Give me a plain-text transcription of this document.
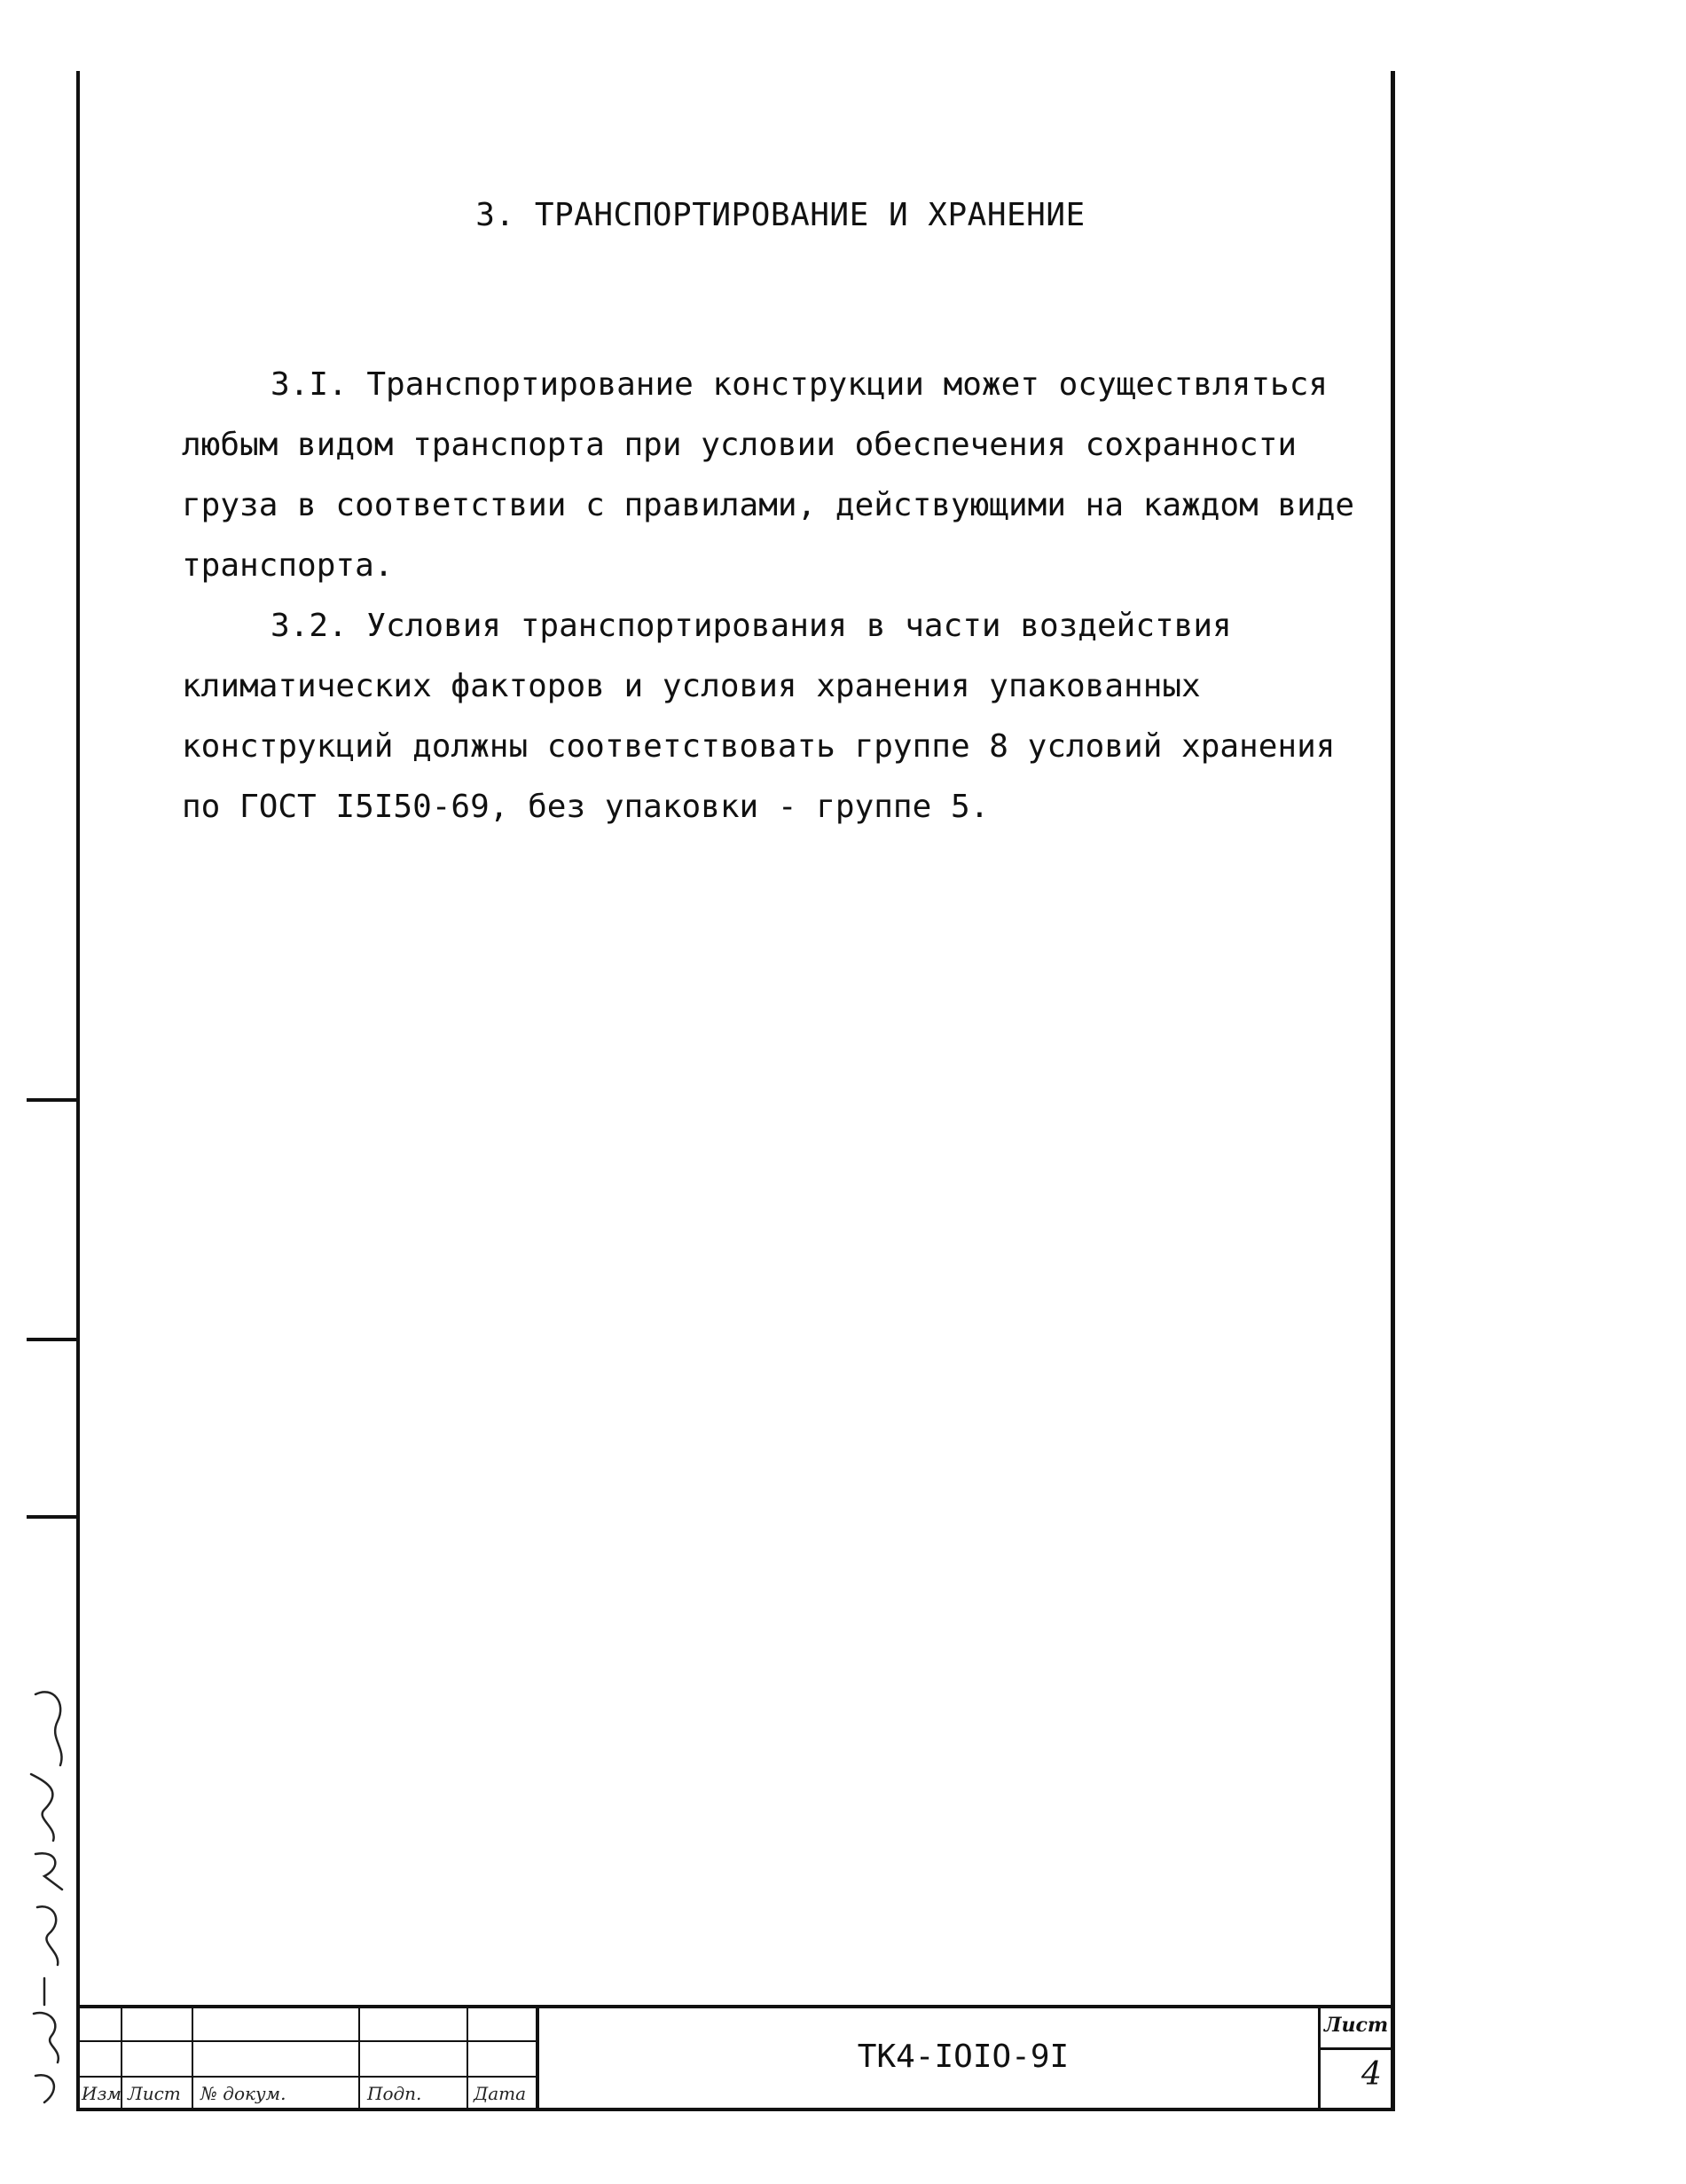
3. ТРАНСПОРТИРОВАНИЕ И ХРАНЕНИЕ

3.I. Транспортирование конструкции может осуществляться любым видом транспорта при условии обеспечения сохранности груза в соответствии с правилами, действующими на каждом виде транспорта.

3.2. Условия транспортирования в части воздействия климатических факторов и условия хранения упакованных конструкций должны соответствовать группе 8 условий хранения по ГОСТ I5I50-69, без упаковки - группе 5.

Изм Лист № докум.	Подп.	Дата
ТК4-IOIO-9I
Лист
4
